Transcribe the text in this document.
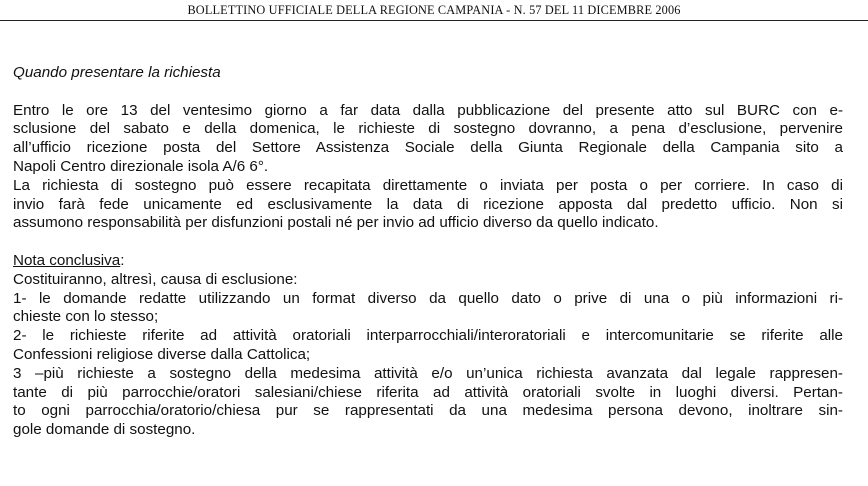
BOLLETTINO UFFICIALE DELLA REGIONE CAMPANIA - N. 57 DEL 11 DICEMBRE 2006

Quando presentare la richiesta

Entro le ore 13 del ventesimo giorno a far data dalla pubblicazione del presente atto sul BURC con e-
sclusione del sabato e della domenica, le richieste di sostegno dovranno, a pena d’esclusione, pervenire
all’ufficio ricezione posta del Settore Assistenza Sociale della Giunta Regionale della Campania sito a
Napoli Centro direzionale isola A/6 6°.

La richiesta di sostegno può essere recapitata direttamente o inviata per posta o per corriere. In caso di
invio farà fede unicamente ed esclusivamente la data di ricezione apposta dal predetto ufficio. Non si
assumono responsabilità per disfunzioni postali né per invio ad ufficio diverso da quello indicato.

Nota conclusiva:

Costituiranno, altresì, causa di esclusione:

1- le domande redatte utilizzando un format diverso da quello dato o prive di una o più informazioni ri-
chieste con lo stesso;

2- le richieste riferite ad attività oratoriali interparrocchiali/interoratoriali e intercomunitarie se riferite alle
Confessioni religiose diverse dalla Cattolica;

3 –più richieste a sostegno della medesima attività e/o un’unica richiesta avanzata dal legale rappresen-
tante di più parrocchie/oratori salesiani/chiese riferita ad attività oratoriali svolte in luoghi diversi. Pertan-
to ogni parrocchia/oratorio/chiesa pur se rappresentati da una medesima persona devono, inoltrare sin-
gole domande di sostegno.
